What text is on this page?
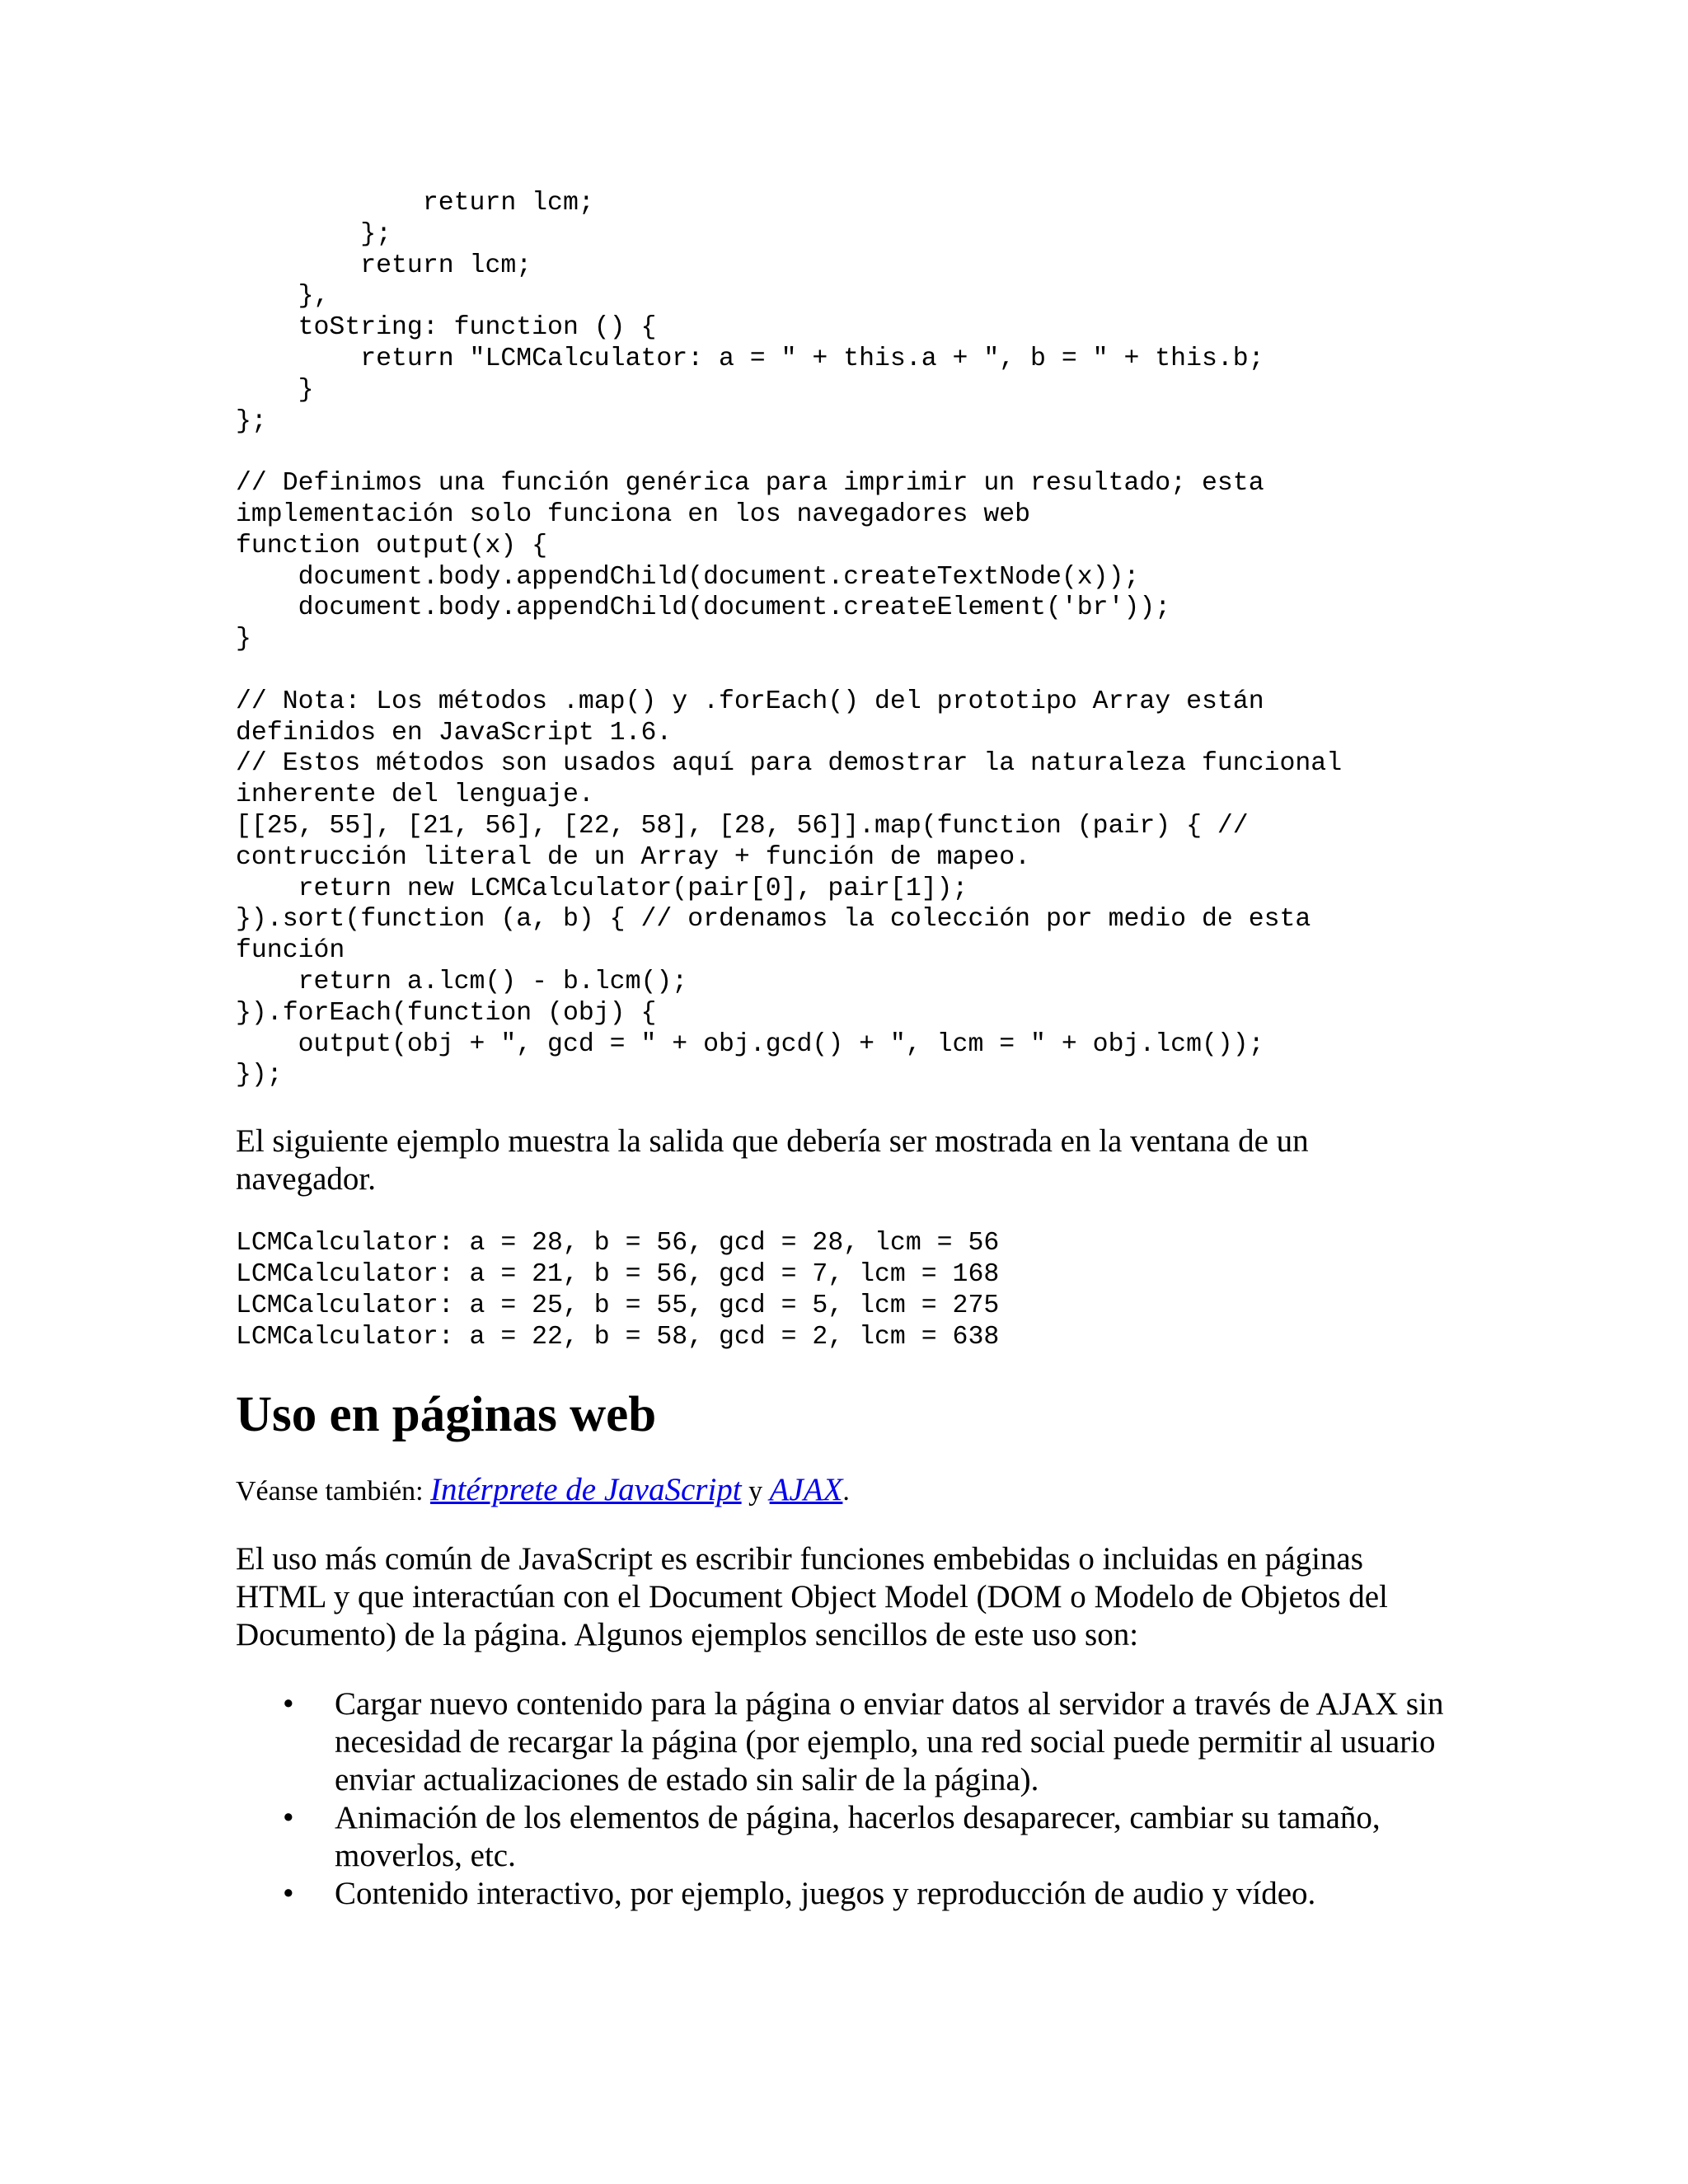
return lcm;
};
return lcm;
},
toString: function () {
return "LCMCalculator: a = " + this.a + ", b = " + this.b;
}
};

// Definimos una función genérica para imprimir un resultado; esta
implementación solo funciona en los navegadores web
function output(x) {
document.body.appendChild(document.createTextNode(x));
document.body.appendChild(document.createElement('br'));
}

// Nota: Los métodos .map() y .forEach() del prototipo Array están
definidos en JavaScript 1.6.
// Estos métodos son usados aquí para demostrar la naturaleza funcional
inherente del lenguaje.
[[25, 55], [21, 56], [22, 58], [28, 56]].map(function (pair) { //
contrucción literal de un Array + función de mapeo.
return new LCMCalculator(pair[0], pair[1]);
}).sort(function (a, b) { // ordenamos la colección por medio de esta
función
return a.lcm() - b.lcm();
}).forEach(function (obj) {
output(obj + ", gcd = " + obj.gcd() + ", lcm = " + obj.lcm());
});

El siguiente ejemplo muestra la salida que debería ser mostrada en la ventana de un navegador.

LCMCalculator: a = 28, b = 56, gcd = 28, lcm = 56
LCMCalculator: a = 21, b = 56, gcd = 7, lcm = 168
LCMCalculator: a = 25, b = 55, gcd = 5, lcm = 275
LCMCalculator: a = 22, b = 58, gcd = 2, lcm = 638
Uso en páginas web

Véanse también: Intérprete de JavaScript y AJAX.

El uso más común de JavaScript es escribir funciones embebidas o incluidas en páginas HTML y que interactúan con el Document Object Model (DOM o Modelo de Objetos del Documento) de la página. Algunos ejemplos sencillos de este uso son:

• Cargar nuevo contenido para la página o enviar datos al servidor a través de AJAX sin necesidad de recargar la página (por ejemplo, una red social puede permitir al usuario enviar actualizaciones de estado sin salir de la página).
• Animación de los elementos de página, hacerlos desaparecer, cambiar su tamaño, moverlos, etc.
• Contenido interactivo, por ejemplo, juegos y reproducción de audio y vídeo.
